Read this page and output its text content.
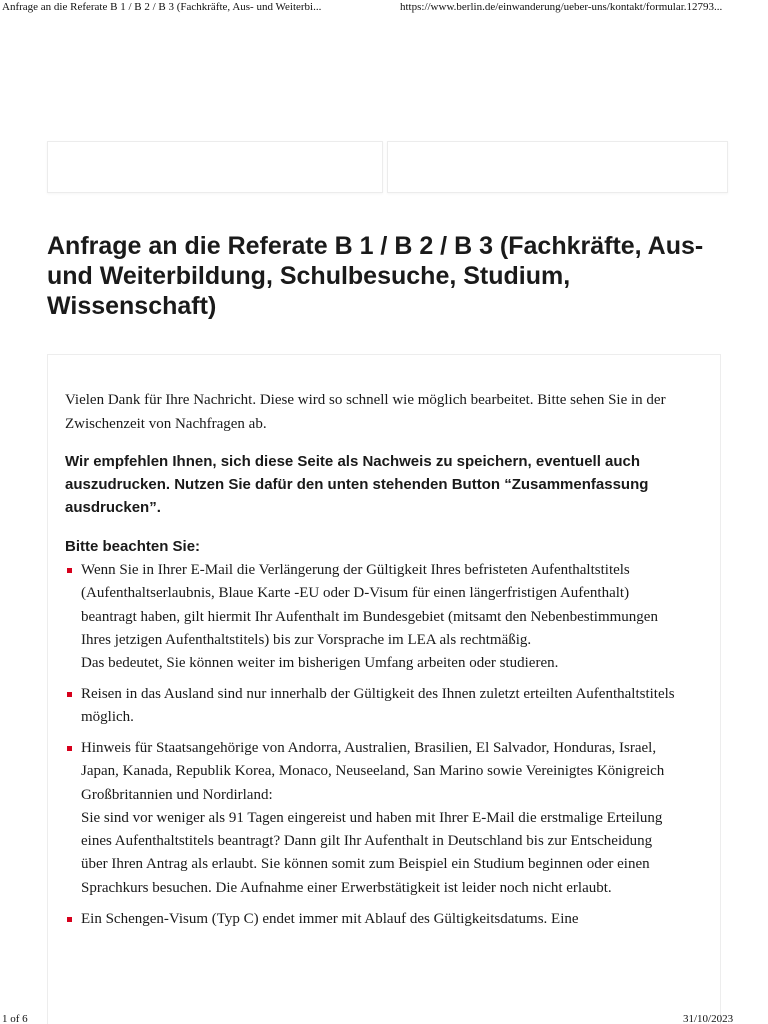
Anfrage an die Referate B 1 / B 2 / B 3 (Fachkräfte, Aus- und Weiterbi...	https://www.berlin.de/einwanderung/ueber-uns/kontakt/formular.12793...
Anfrage an die Referate B 1 / B 2 / B 3 (Fachkräfte, Aus- und Weiterbildung, Schulbesuche, Studium, Wissenschaft)

Vielen Dank für Ihre Nachricht. Diese wird so schnell wie möglich bearbeitet. Bitte sehen Sie in der Zwischenzeit von Nachfragen ab.

Wir empfehlen Ihnen, sich diese Seite als Nachweis zu speichern, eventuell auch auszudrucken. Nutzen Sie dafür den unten stehenden Button “Zusammenfassung ausdrucken”.

Bitte beachten Sie:

Wenn Sie in Ihrer E-Mail die Verlängerung der Gültigkeit Ihres befristeten Aufenthaltstitels (Aufenthaltserlaubnis, Blaue Karte -EU oder D-Visum für einen längerfristigen Aufenthalt) beantragt haben, gilt hiermit Ihr Aufenthalt im Bundesgebiet (mitsamt den Nebenbestimmungen Ihres jetzigen Aufenthaltstitels) bis zur Vorsprache im LEA als rechtmäßig.

Das bedeutet, Sie können weiter im bisherigen Umfang arbeiten oder studieren.

Reisen in das Ausland sind nur innerhalb der Gültigkeit des Ihnen zuletzt erteilten Aufenthaltstitels möglich.

Hinweis für Staatsangehörige von Andorra, Australien, Brasilien, El Salvador, Honduras, Israel, Japan, Kanada, Republik Korea, Monaco, Neuseeland, San Marino sowie Vereinigtes Königreich Großbritannien und Nordirland:

Sie sind vor weniger als 91 Tagen eingereist und haben mit Ihrer E-Mail die erstmalige Erteilung eines Aufenthaltstitels beantragt? Dann gilt Ihr Aufenthalt in Deutschland bis zur Entscheidung über Ihren Antrag als erlaubt. Sie können somit zum Beispiel ein Studium beginnen oder einen Sprachkurs besuchen. Die Aufnahme einer Erwerbstätigkeit ist leider noch nicht erlaubt.

Ein Schengen-Visum (Typ C) endet immer mit Ablauf des Gültigkeitsdatums. Eine

1 of 6	31/10/2023
